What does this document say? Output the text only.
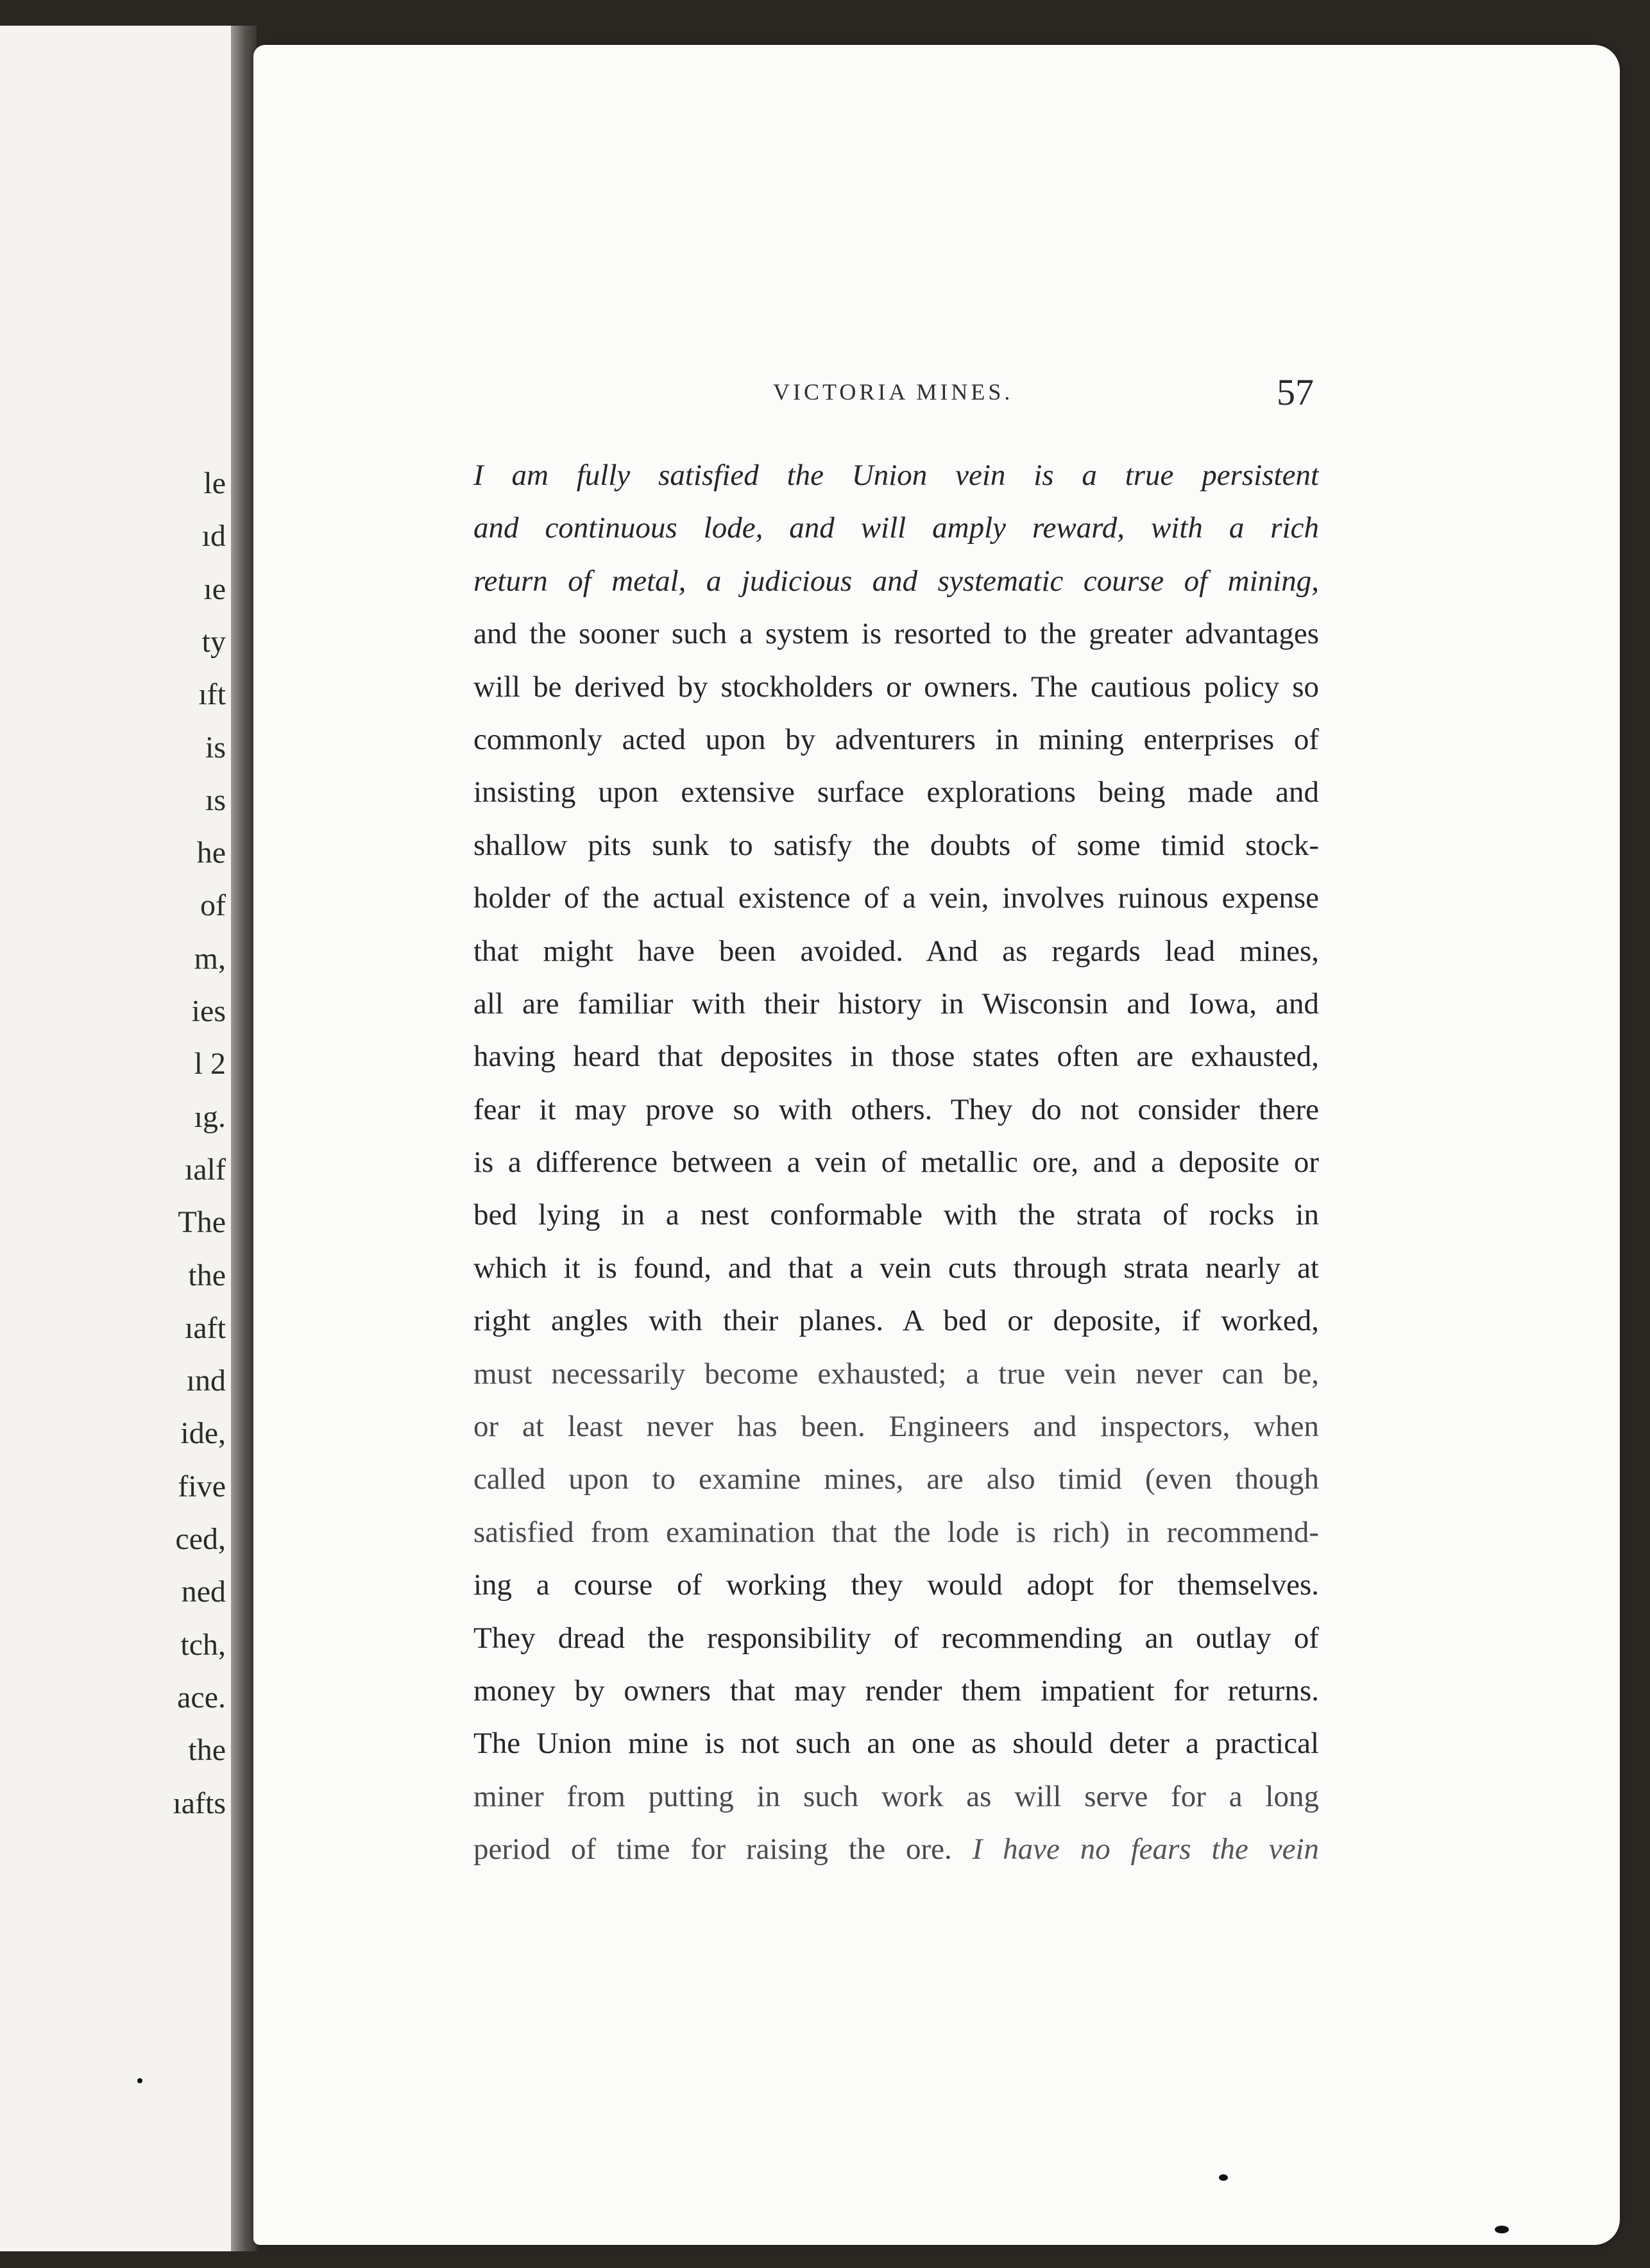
le
ıd
ıe
ty
ıft
is
ıs
he
of
m,
ies
l 2
ıg.
ıalf
The
the
ıaft
ınd
ide,
five
ced,
ned
tch,
ace.
the
ıafts
VICTORIA MINES.	57
I am fully satisfied the Union vein is a true persistent
and continuous lode, and will amply reward, with a rich
return of metal, a judicious and systematic course of mining,
and the sooner such a system is resorted to the greater advantages
will be derived by stockholders or owners. The cautious policy so
commonly acted upon by adventurers in mining enterprises of
insisting upon extensive surface explorations being made and
shallow pits sunk to satisfy the doubts of some timid stock-
holder of the actual existence of a vein, involves ruinous expense
that might have been avoided. And as regards lead mines,
all are familiar with their history in Wisconsin and Iowa, and
having heard that deposites in those states often are exhausted,
fear it may prove so with others. They do not consider there
is a difference between a vein of metallic ore, and a deposite or
bed lying in a nest conformable with the strata of rocks in
which it is found, and that a vein cuts through strata nearly at
right angles with their planes. A bed or deposite, if worked,
must necessarily become exhausted; a true vein never can be,
or at least never has been. Engineers and inspectors, when
called upon to examine mines, are also timid (even though
satisfied from examination that the lode is rich) in recommend-
ing a course of working they would adopt for themselves.
They dread the responsibility of recommending an outlay of
money by owners that may render them impatient for returns.
The Union mine is not such an one as should deter a practical
miner from putting in such work as will serve for a long
period of time for raising the ore. I have no fears the vein
